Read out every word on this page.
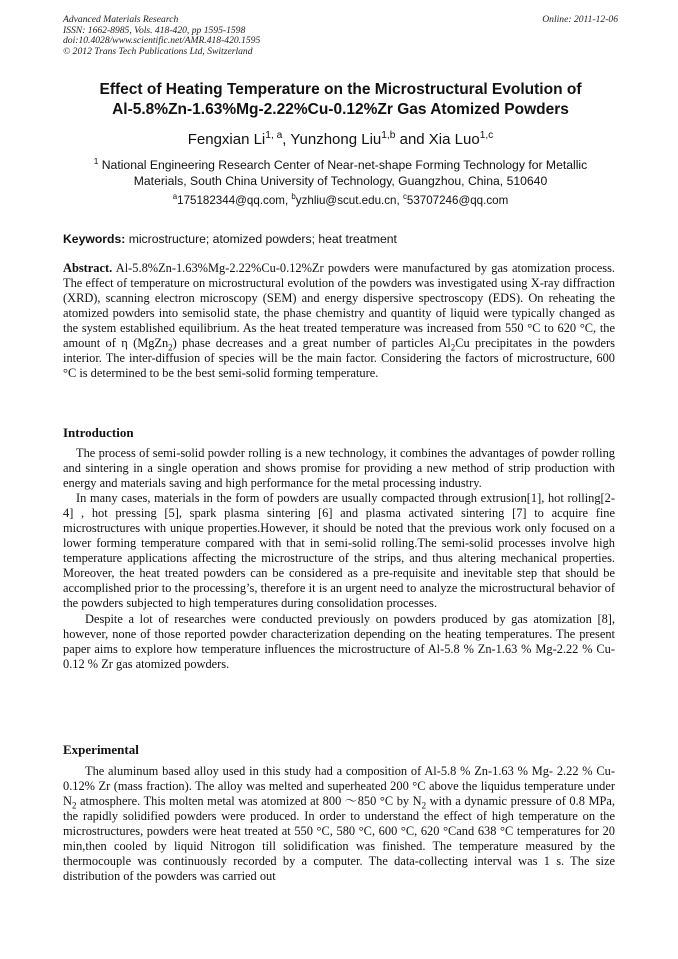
Advanced Materials Research
ISSN: 1662-8985, Vols. 418-420, pp 1595-1598
doi:10.4028/www.scientific.net/AMR.418-420.1595
© 2012 Trans Tech Publications Ltd, Switzerland
Online: 2011-12-06
Effect of Heating Temperature on the Microstructural Evolution of
Al-5.8%Zn-1.63%Mg-2.22%Cu-0.12%Zr Gas Atomized Powders
Fengxian Li$^{1, a}$, Yunzhong Liu$^{1,b}$ and Xia Luo$^{1,c}$
$^1$ National Engineering Research Center of Near-net-shape Forming Technology for Metallic
Materials, South China University of Technology, Guangzhou, China, 510640
$^a$175182344@qq.com, $^b$yzhliu@scut.edu.cn, $^c$53707246@qq.com
Keywords: microstructure; atomized powders; heat treatment

Abstract. Al-5.8%Zn-1.63%Mg-2.22%Cu-0.12%Zr powders were manufactured by gas atomization process. The effect of temperature on microstructural evolution of the powders was investigated using X-ray diffraction (XRD), scanning electron microscopy (SEM) and energy dispersive spectroscopy (EDS). On reheating the atomized powders into semisolid state, the phase chemistry and quantity of liquid were typically changed as the system established equilibrium. As the heat treated temperature was increased from 550 °C to 620 °C, the amount of η (MgZn$_2$) phase decreases and a great number of particles $Al_2Cu$ precipitates in the powders interior. The inter-diffusion of species will be the main factor. Considering the factors of microstructure, 600 °C is determined to be the best semi-solid forming temperature.

Introduction

The process of semi-solid powder rolling is a new technology, it combines the advantages of powder rolling and sintering in a single operation and shows promise for providing a new method of strip production with energy and materials saving and high performance for the metal processing industry.

In many cases, materials in the form of powders are usually compacted through extrusion[1], hot rolling[2-4] , hot pressing [5], spark plasma sintering [6] and plasma activated sintering [7] to acquire fine microstructures with unique properties.However, it should be noted that the previous work only focused on a lower forming temperature compared with that in semi-solid rolling.The semi-solid processes involve high temperature applications affecting the microstructure of the strips, and thus altering mechanical properties. Moreover, the heat treated powders can be considered as a pre-requisite and inevitable step that should be accomplished prior to the processing’s, therefore it is an urgent need to analyze the microstructural behavior of the powders subjected to high temperatures during consolidation processes.

Despite a lot of researches were conducted previously on powders produced by gas atomization [8], however, none of those reported powder characterization depending on the heating temperatures. The present paper aims to explore how temperature influences the microstructure of Al-5.8 % Zn-1.63 % Mg-2.22 % Cu-0.12 % Zr gas atomized powders.

Experimental

The aluminum based alloy used in this study had a composition of Al-5.8 % Zn-1.63 % Mg- 2.22 % Cu-0.12% Zr (mass fraction). The alloy was melted and superheated 200 °C above the liquidus temperature under $N_2$ atmosphere. This molten metal was atomized at 800 ～850 °C by $N_2$ with a dynamic pressure of 0.8 MPa, the rapidly solidified powders were produced. In order to understand the effect of high temperature on the microstructures, powders were heat treated at 550 °C, 580 °C, 600 °C, 620 °Cand 638 °C temperatures for 20 min,then cooled by liquid Nitrogon till solidification was finished. The temperature measured by the thermocouple was continuously recorded by a computer. The data-collecting interval was 1 s. The size distribution of the powders was carried out
